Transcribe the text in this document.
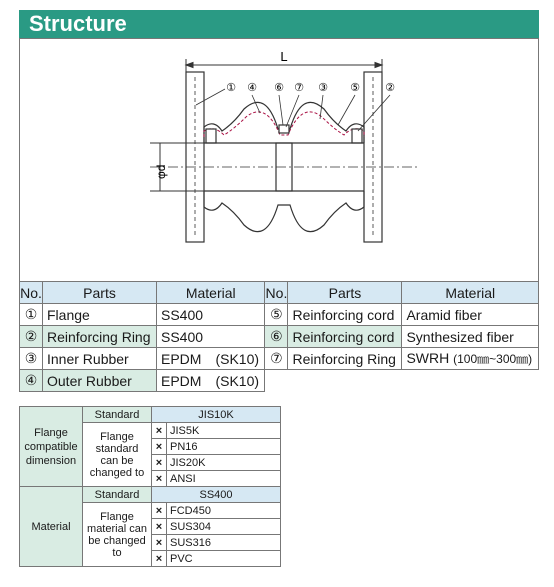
Structure
L
φd
① ④ ⑥ ⑦ ③ ⑤ ②
No.	Parts	Material	No.	Parts	Material
①	Flange	SS400	⑤	Reinforcing cord	Aramid fiber
②	Reinforcing Ring	SS400	⑥	Reinforcing cord	Synthesized fiber
③	Inner Rubber	EPDM　(SK10)	⑦	Reinforcing Ring	SWRH (100㎜~300㎜)
④	Outer Rubber	EPDM　(SK10)			
Flange compatible dimension	Standard	JIS10K	
	Flange standard can be changed to	×	JIS5K
		×	PN16
		×	JIS20K
		×	ANSI
Material	Standard	SS400	
	Flange material can be changed to	×	FCD450
		×	SUS304
		×	SUS316
		×	PVC
